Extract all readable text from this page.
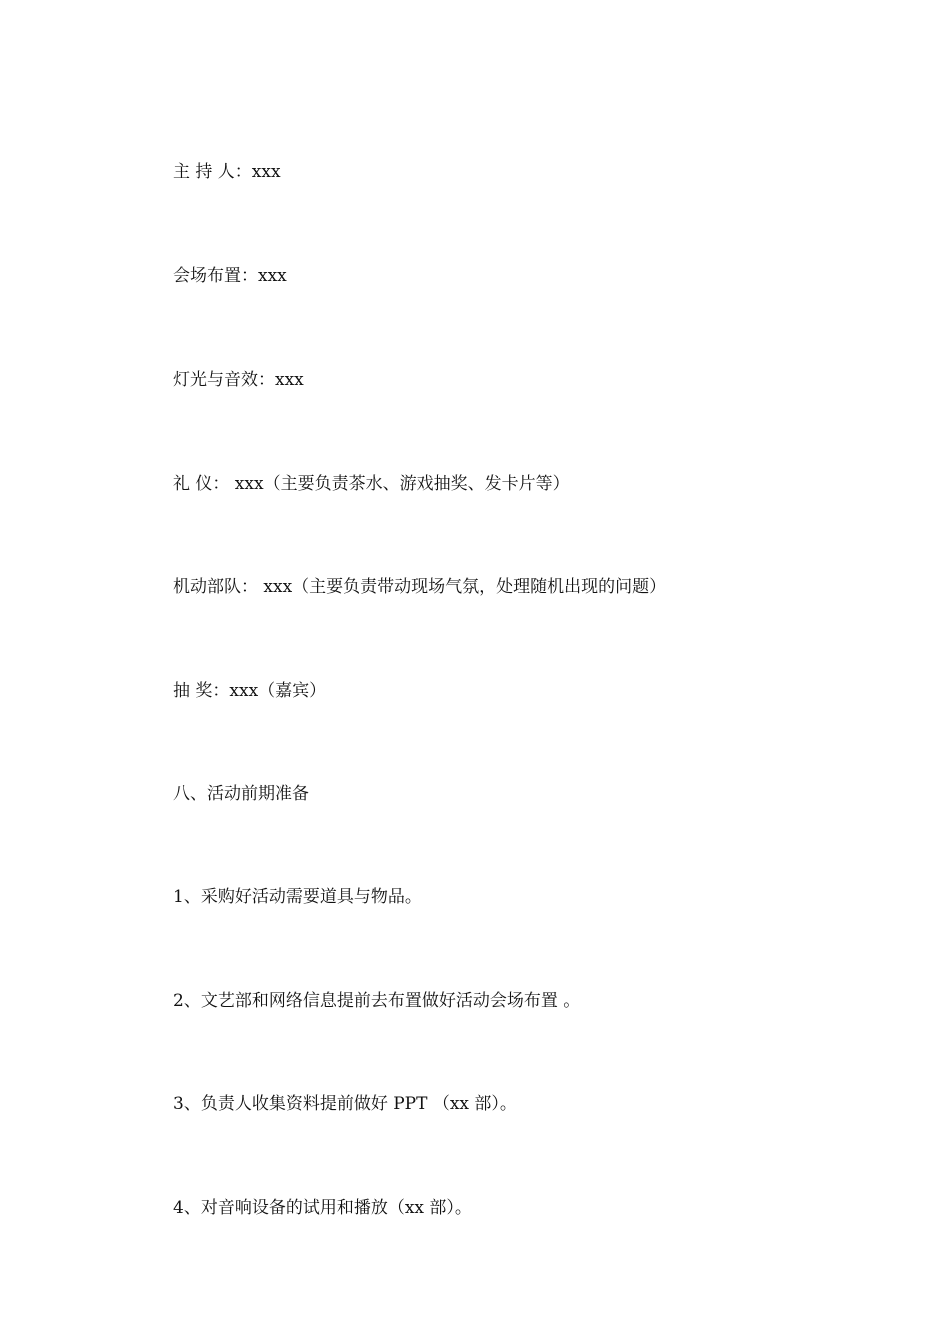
主 持 人：xxx
会场布置：xxx
灯光与音效：xxx
礼 仪： xxx（主要负责茶水、游戏抽奖、发卡片等）
机动部队： xxx（主要负责带动现场气氛，处理随机出现的问题）
抽 奖：xxx（嘉宾）
八、活动前期准备
1、采购好活动需要道具与物品。
2、文艺部和网络信息提前去布置做好活动会场布置 。
3、负责人收集资料提前做好 PPT （xx 部）。
4、对音响设备的试用和播放（xx 部）。
